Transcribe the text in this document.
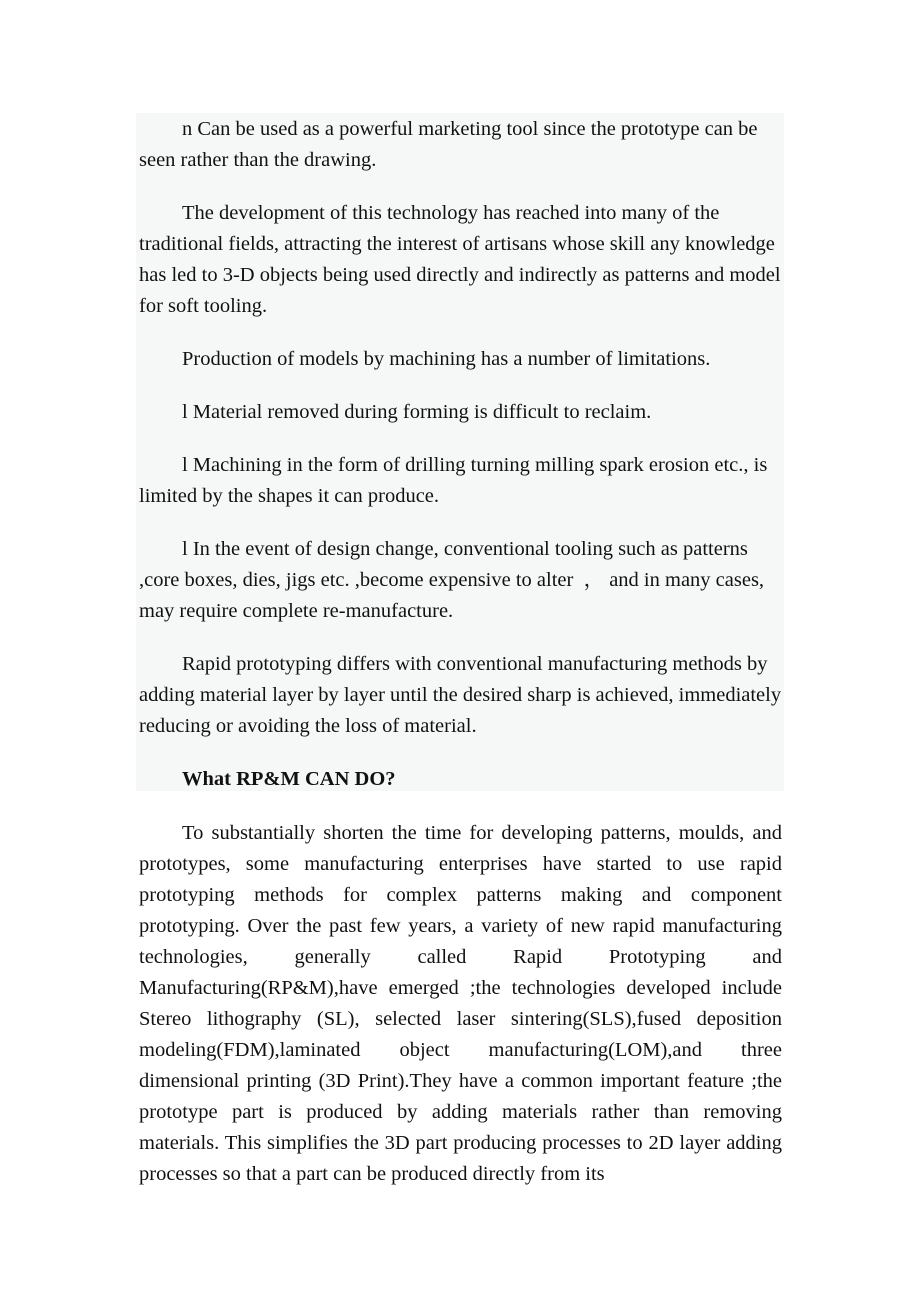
n Can be used as a powerful marketing tool since the prototype can be seen rather than the drawing.

The development of this technology has reached into many of the traditional fields, attracting the interest of artisans whose skill any knowledge has led to 3-D objects being used directly and indirectly as patterns and model for soft tooling.

Production of models by machining has a number of limitations.

l Material removed during forming is difficult to reclaim.

l Machining in the form of drilling turning milling spark erosion etc., is limited by the shapes it can produce.

l In the event of design change, conventional tooling such as patterns ,core boxes, dies, jigs etc. ,become expensive to alter  ， and in many cases, may require complete re-manufacture.

Rapid prototyping differs with conventional manufacturing methods by adding material layer by layer until the desired sharp is achieved, immediately reducing or avoiding the loss of material.

What RP&M CAN DO?

To substantially shorten the time for developing patterns, moulds, and prototypes, some manufacturing enterprises have started to use rapid prototyping methods for complex patterns making and component prototyping. Over the past few years, a variety of new rapid manufacturing technologies, generally called Rapid Prototyping and Manufacturing(RP&M),have emerged ;the technologies developed include Stereo lithography (SL), selected laser sintering(SLS),fused deposition modeling(FDM),laminated object manufacturing(LOM),and three dimensional printing (3D Print).They have a common important feature ;the prototype part is produced by adding materials rather than removing materials. This simplifies the 3D part producing processes to 2D layer adding processes so that a part can be produced directly from its
